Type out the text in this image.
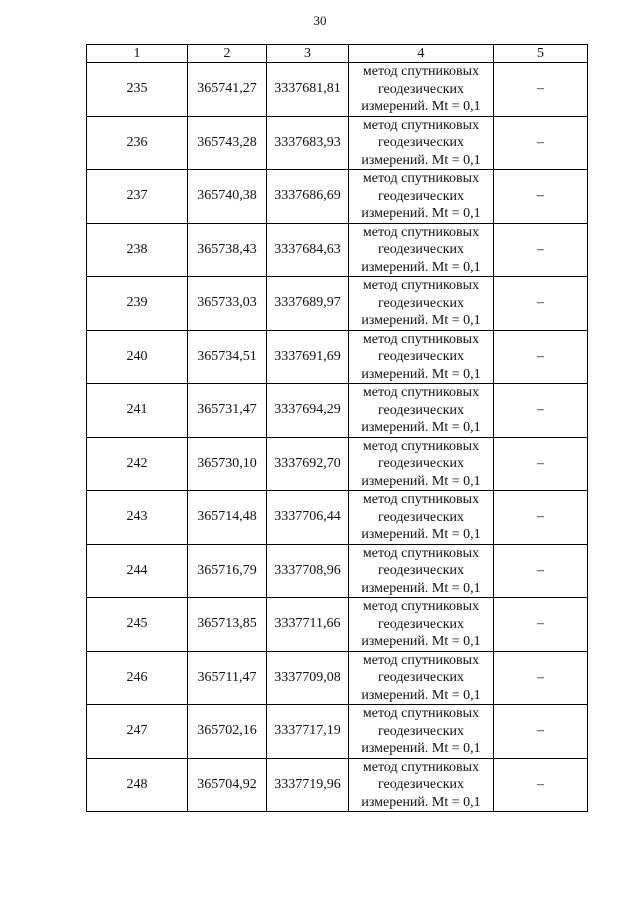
30
1	2	3	4	5
235	365741,27	3337681,81	метод спутниковых
геодезических
измерений. Mt = 0,1	–
236	365743,28	3337683,93	метод спутниковых
геодезических
измерений. Mt = 0,1	–
237	365740,38	3337686,69	метод спутниковых
геодезических
измерений. Mt = 0,1	–
238	365738,43	3337684,63	метод спутниковых
геодезических
измерений. Mt = 0,1	–
239	365733,03	3337689,97	метод спутниковых
геодезических
измерений. Mt = 0,1	–
240	365734,51	3337691,69	метод спутниковых
геодезических
измерений. Mt = 0,1	–
241	365731,47	3337694,29	метод спутниковых
геодезических
измерений. Mt = 0,1	–
242	365730,10	3337692,70	метод спутниковых
геодезических
измерений. Mt = 0,1	–
243	365714,48	3337706,44	метод спутниковых
геодезических
измерений. Mt = 0,1	–
244	365716,79	3337708,96	метод спутниковых
геодезических
измерений. Mt = 0,1	–
245	365713,85	3337711,66	метод спутниковых
геодезических
измерений. Mt = 0,1	–
246	365711,47	3337709,08	метод спутниковых
геодезических
измерений. Mt = 0,1	–
247	365702,16	3337717,19	метод спутниковых
геодезических
измерений. Mt = 0,1	–
248	365704,92	3337719,96	метод спутниковых
геодезических
измерений. Mt = 0,1	–
